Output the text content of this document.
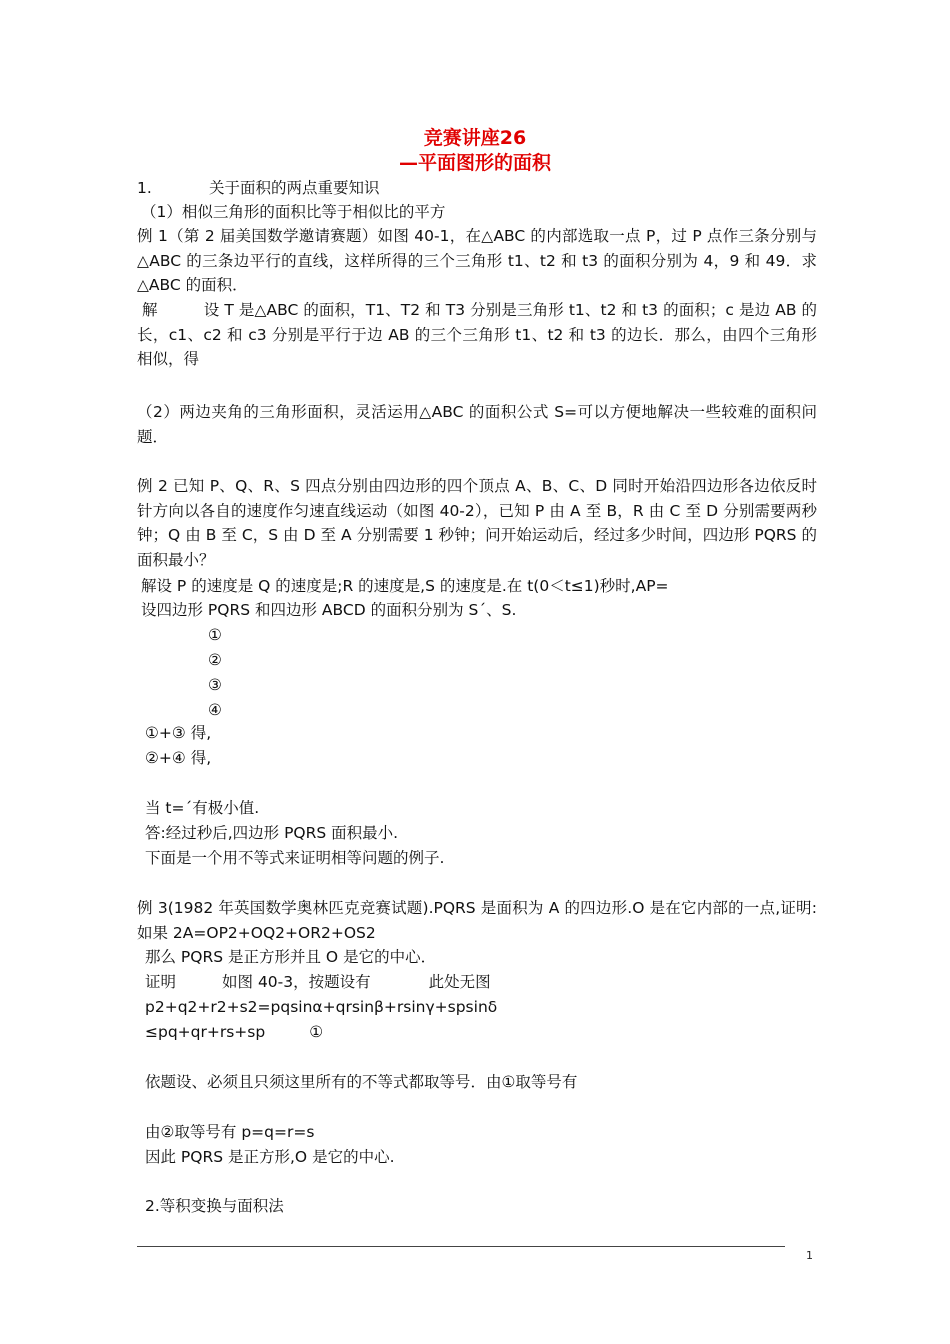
竞赛讲座26
—平面图形的面积
1.	关于面积的两点重要知识
（1）相似三角形的面积比等于相似比的平方
例 1（第 2 届美国数学邀请赛题）如图 40-1，在△ABC 的内部选取一点 P，过 P 点作三条分别与△ABC 的三条边平行的直线，这样所得的三个三角形 t1、t2 和 t3 的面积分别为 4，9 和 49．求△ABC 的面积．
解	设 T 是△ABC 的面积，T1、T2 和 T3 分别是三角形 t1、t2 和 t3 的面积；c 是边 AB 的长，c1、c2 和 c3 分别是平行于边 AB 的三个三角形 t1、t2 和 t3 的边长．那么，由四个三角形相似，得
（2）两边夹角的三角形面积，灵活运用△ABC 的面积公式 S=可以方便地解决一些较难的面积问题．
例 2 已知 P、Q、R、S 四点分别由四边形的四个顶点 A、B、C、D 同时开始沿四边形各边依反时针方向以各自的速度作匀速直线运动（如图 40-2），已知 P 由 A 至 B，R 由 C 至 D 分别需要两秒钟；Q 由 B 至 C，S 由 D 至 A 分别需要 1 秒钟；问开始运动后，经过多少时间，四边形 PQRS 的面积最小？
解设 P 的速度是 Q 的速度是;R 的速度是,S 的速度是.在 t(0＜t≤1)秒时,AP=
设四边形 PQRS 和四边形 ABCD 的面积分别为 S´、S.
①
②
③
④
①+③ 得,
②+④ 得,
当 t=´有极小值.
答:经过秒后,四边形 PQRS 面积最小.
下面是一个用不等式来证明相等问题的例子.
例 3(1982 年英国数学奥林匹克竞赛试题).PQRS 是面积为 A 的四边形.O 是在它内部的一点,证明:如果 2A=OP2+OQ2+OR2+OS2
那么 PQRS 是正方形并且 O 是它的中心．
证明	如图 40-3，按题设有	此处无图
p2+q2+r2+s2=pqsinα+qrsinβ+rsinγ+spsinδ
≤pq+qr+rs+sp	①
依题设、必须且只须这里所有的不等式都取等号．由①取等号有
由②取等号有 p=q=r=s
因此 PQRS 是正方形,O 是它的中心.
2.等积变换与面积法
1
